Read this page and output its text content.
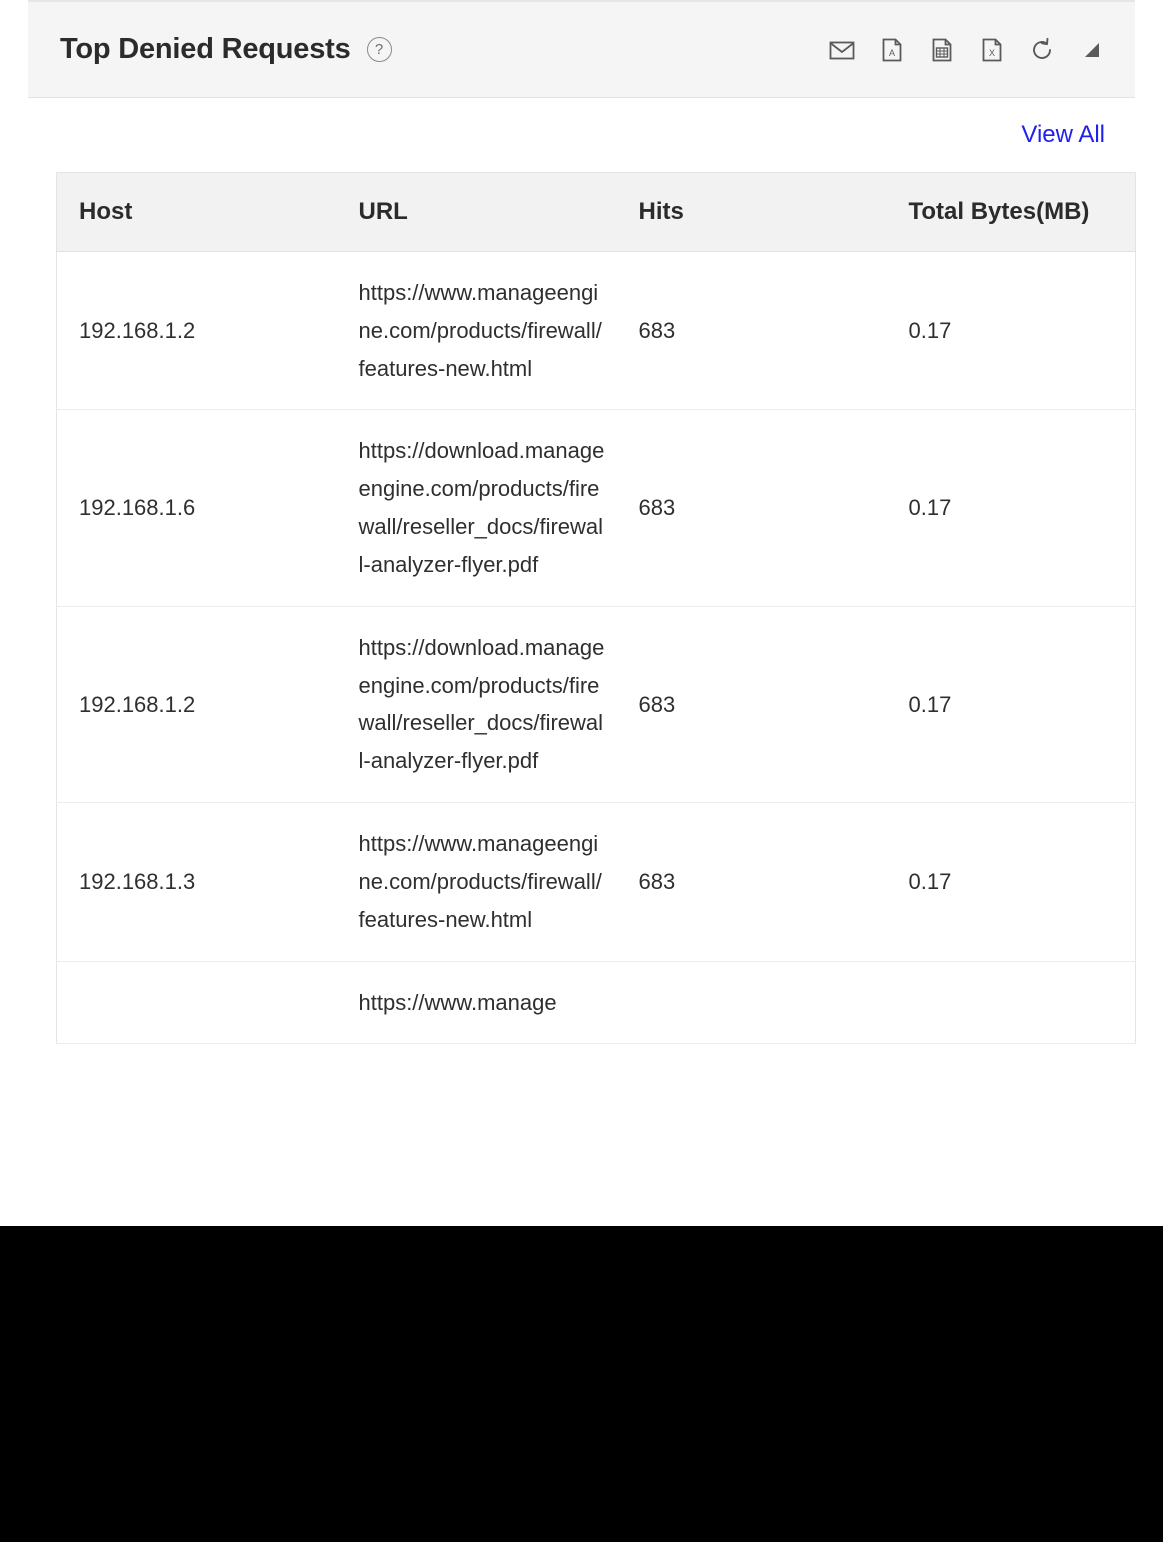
Top Denied Requests	?	A	X
View All
Host	URL	Hits	Total Bytes(MB)
192.168.1.2	https://www.manageengine.com/products/firewall/features-new.html	683	0.17
192.168.1.6	https://download.manageengine.com/products/firewall/reseller_docs/firewall-analyzer-flyer.pdf	683	0.17
192.168.1.2	https://download.manageengine.com/products/firewall/reseller_docs/firewall-analyzer-flyer.pdf	683	0.17
192.168.1.3	https://www.manageengine.com/products/firewall/features-new.html	683	0.17
	https://www.manage		
